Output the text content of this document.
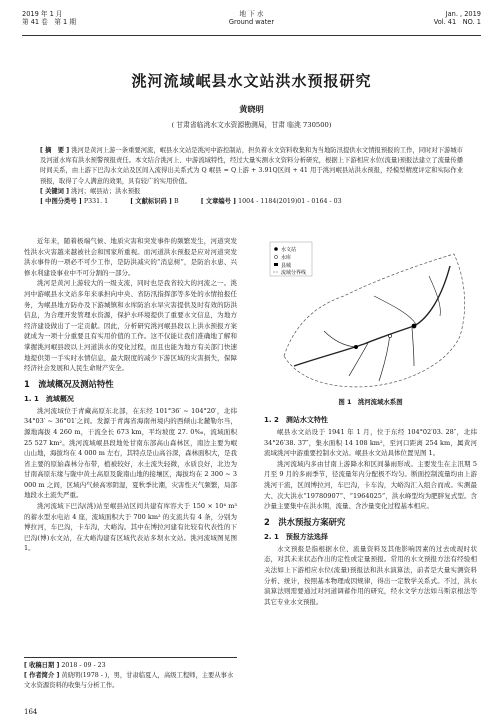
2019 年 1 月
第 41 卷　第 1 期
地 下 水
Ground water
Jan. , 2019
Vol. 41　NO. 1
洮河流域岷县水文站洪水预报研究
黄晓明
( 甘肃省临洮水文水资源勘测局，甘肃 临洮 730500)
[ 摘　要 ] 洮河是黄河上游一条重要河流，岷县水文站是洮河中游控制站，担负着水文资料收集和为当地防汛提供水文情报预报的工作，同时对下游城市及河道水库有洪水预警预报责任。本文结合洮河上、中游流域特性，经过大量实测水文资料分析研究，根据上下游相应水位(流量)预报法建立了流量传播时间关系，由上游下巴沟水文站及区间入流得出关系式为 Q 岷县 = Q上游 + 3.91Q区间 + 41 用于洮河岷县站洪水预报，经模型精度评定和实际作业预报，取得了令人满意的效果，具有较广的实用价值。
[ 关键词 ] 洮河；岷县站；洪水预报
[ 中图分类号 ] P331. 1	[ 文献标识码 ] B	[ 文章编号 ] 1004 - 1184(2019)01 - 0164 - 03

近年来，随着极端气候、地质灾害和突发事件的频繁发生，河道突发性洪水灾害越来越被社会和国家所重视。而河道洪水预报是应对河道突发洪水事件的一项必不可少工作，是防洪减灾的“消息树”，是防治水患、兴修水利建设事业中不可分割的一部分。

洮河是黄河上游较大的一级支流，同时也是我省较大的河流之一。洮河中游岷县水文站多年来承担向中央、省防汛指挥部等多处的水情拍报任务，为岷县地方防办及下游城镇和水库防治水旱灾害提供及时有效的防洪信息，为合理开发管理水资源，保护水环境提供了重要水文信息，为地方经济建设做出了一定贡献。因此，分析研究洮河岷县段以上洪水预报方案就成为一项十分重要且有实用价值的工作。这不仅能让我们准确地了解和掌握洮河岷县段以上河道洪水的变化过程，而且也能为地方有关部门快速地提供第一手实时水情信息，最大限度的减少下游区域的灾害损失，保障经济社会发展和人民生命财产安全。

1　流域概况及测站特性
1. 1　流域概况

洮河流域位于青藏高原东北部，在东经 101°36′ ~ 104°20′，北纬 34°03′ ~ 36°01′之间。发源于青海省海南州境内的西倾山北麓勒尔当，源地海拔 4 260 m，干流全长 673 km，平均坡度 27. 0‰，流域面积 25 527 km²。洮河流域岷县段地处甘南东部高山森林区，南边主要为岷山山地，海拔均在 4 000 m 左右，其特点是山高谷深，森林面积大，是我省主要的原始森林分布带，植被较好，水土流失轻微，水质良好，北边为甘南高原东缘与陇中黄土高原及陇南山地的接壤区，海拔均在 2 300 ~ 3 000 m 之间，区域内气候高寒阴湿，夏秋季比潮，灾害性天气频繁，局部地段水土流失严重。

洮河流域下巴沟(洮)站至岷县站区间共建有库容大于 150 × 10⁴ m³ 的蓄水型水电站 4 座，流域面积大于 700 km² 的支流共有 4 条，分别为博拉河，车巴沟，卡车沟，大峪沟。其中在博拉河建有比较有代表性的下巴沟(博)水文站，在大峪沟建有区域代表站多坝水文站。洮河流域图见图 1。

水文站
水库
县城
流域分界线
图 1　洮河流域水系图
1. 2　测站水文特性

岷县水文站设于 1941 年 1 月，位于东经 104°02′03. 28″，北纬 34°26′38. 37″，集水面积 14 108 km²，至河口距离 254 km，属黄河流域洮河中游重要控制水文站。岷县水文站具体位置见图 1。

洮河流域内多由甘南上游降水和区间暴雨形成。主要发生在主汛期 5 月至 9 月的多雨季节，径流量年内分配极不均匀。断面控制流量均由上游洮河干流，区间博拉河，车巴沟，卡车沟，大峪沟汇入组合而成。实测最大、次大洪水“19780907”、“1964025”，洪水峰型均为肥胖复式型。含沙量主要集中在洪水期，流量、含沙量变化过程基本相应。

2　洪水预报方案研究
2. 1　预报方法选择

水文预报是指根据水位、流量资料及其他影响因素的过去或现时状态，对其未来状态作出的定性或定量预报。常用的水文预报方法有经验相关法如上下游相应水位(流量)预报法和洪水演算法，前者是大量实测资料分析、统计，按照基本物理成因规律，得出一定数学关系式。不过，洪水演算法则需要通过对河道调蓄作用的研究，经水文学方法如马斯京根法等其它专业水文预报。

[ 收稿日期 ] 2018 - 09 - 23
[ 作者简介 ] 黄晓明(1978 - )，男，甘肃临夏人，高级工程师，主要从事水文水资源资料的收集与分析工作。
164
